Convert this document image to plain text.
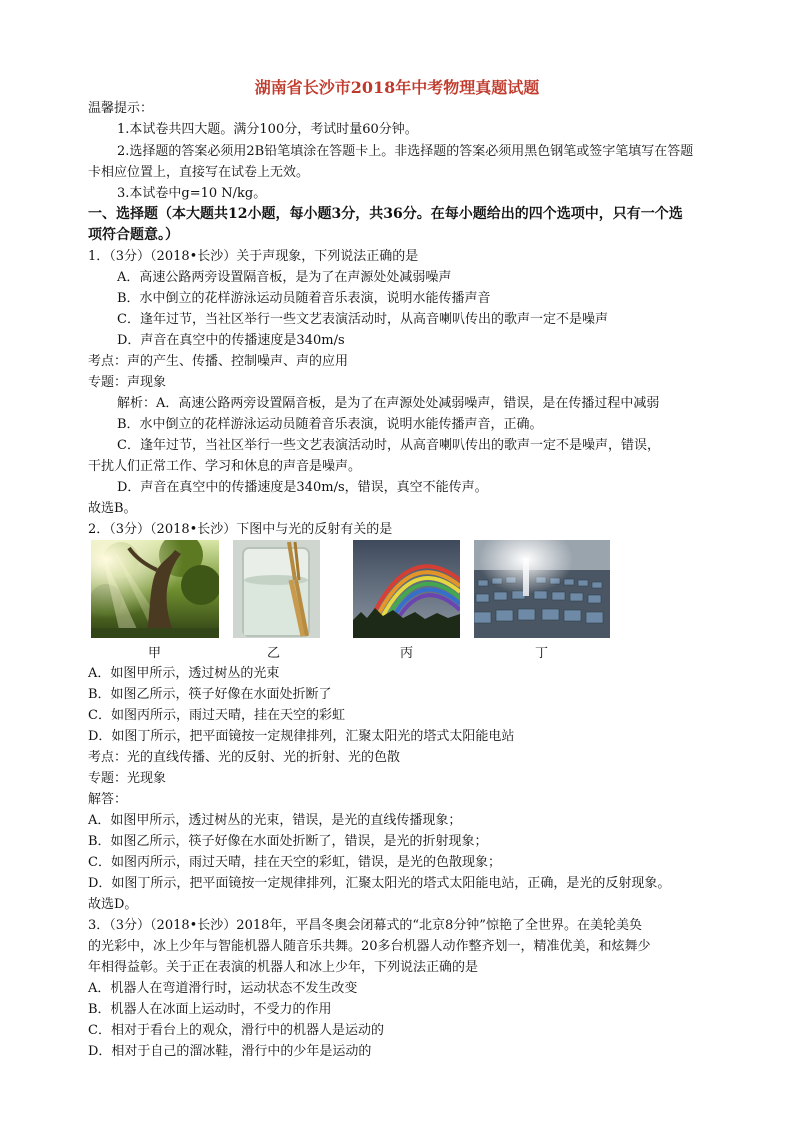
湖南省长沙市2018年中考物理真题试题
温馨提示：
1.本试卷共四大题。满分100分，考试时量60分钟。
2.选择题的答案必须用2B铅笔填涂在答题卡上。非选择题的答案必须用黑色钢笔或签字笔填写在答题
卡相应位置上，直接写在试卷上无效。
3.本试卷中g=10 N/kg。
一、选择题（本大题共12小题，每小题3分，共36分。在每小题给出的四个选项中，只有一个选
项符合题意。）
1．（3分）（2018•长沙）关于声现象，下列说法正确的是
A．高速公路两旁设置隔音板，是为了在声源处处减弱噪声
B．水中倒立的花样游泳运动员随着音乐表演，说明水能传播声音
C．逢年过节，当社区举行一些文艺表演活动时，从高音喇叭传出的歌声一定不是噪声
D．声音在真空中的传播速度是340m/s
考点：声的产生、传播、控制噪声、声的应用
专题：声现象
解析：A．高速公路两旁设置隔音板，是为了在声源处处减弱噪声，错误，是在传播过程中减弱
B．水中倒立的花样游泳运动员随着音乐表演，说明水能传播声音，正确。
C．逢年过节，当社区举行一些文艺表演活动时，从高音喇叭传出的歌声一定不是噪声，错误，
干扰人们正常工作、学习和休息的声音是噪声。
D．声音在真空中的传播速度是340m/s，错误，真空不能传声。
故选B。
2．（3分）（2018•长沙）下图中与光的反射有关的是
甲	乙	丙	丁
A．如图甲所示，透过树丛的光束
B．如图乙所示，筷子好像在水面处折断了
C．如图丙所示，雨过天晴，挂在天空的彩虹
D．如图丁所示，把平面镜按一定规律排列，汇聚太阳光的塔式太阳能电站
考点：光的直线传播、光的反射、光的折射、光的色散
专题：光现象
解答：
A．如图甲所示，透过树丛的光束，错误，是光的直线传播现象；
B．如图乙所示，筷子好像在水面处折断了，错误，是光的折射现象；
C．如图丙所示，雨过天晴，挂在天空的彩虹，错误，是光的色散现象；
D．如图丁所示，把平面镜按一定规律排列，汇聚太阳光的塔式太阳能电站，正确，是光的反射现象。
故选D。
3．（3分）（2018•长沙）2018年，平昌冬奥会闭幕式的“北京8分钟”惊艳了全世界。在美轮美奂
的光彩中，冰上少年与智能机器人随音乐共舞。20多台机器人动作整齐划一，精准优美，和炫舞少
年相得益彰。关于正在表演的机器人和冰上少年，下列说法正确的是
A．机器人在弯道滑行时，运动状态不发生改变
B．机器人在冰面上运动时，不受力的作用
C．相对于看台上的观众，滑行中的机器人是运动的
D．相对于自己的溜冰鞋，滑行中的少年是运动的
